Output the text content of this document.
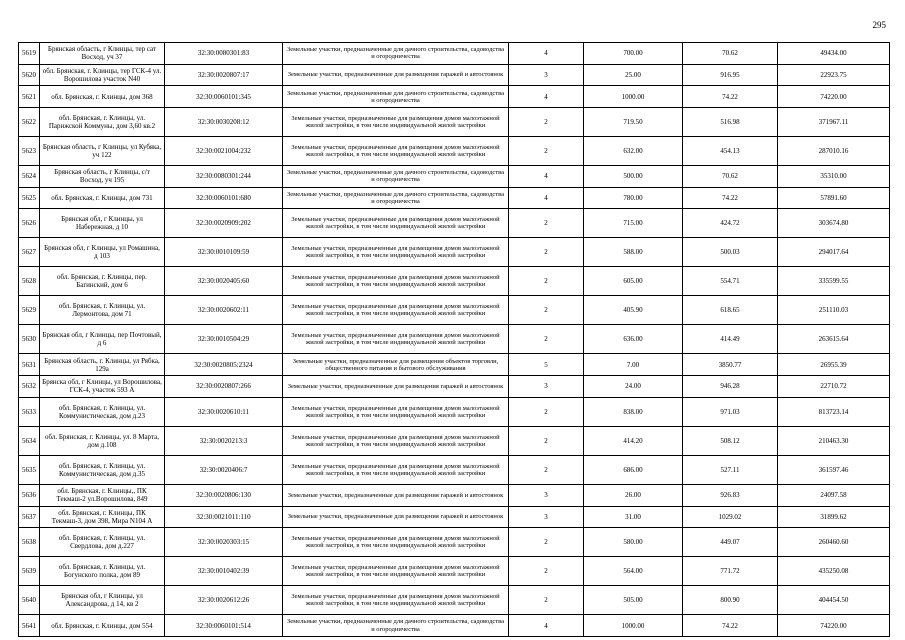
295
5619	Брянская область, г Клинцы, тер сат Восход, уч 37	32:30:0080301:83	Земельные участки, предназначенные для дачного строительства, садоводства и огородничества	4	700.00	70.62	49434.00
5620	обл. Брянская, г. Клинцы, тер ГСК-4 ул. Ворошилова участок N40	32:30:0020807:17	Земельные участки, предназначенные для размещения гаражей и автостоянок	3	25.00	916.95	22923.75
5621	обл. Брянская, г. Клинцы, дом 368	32:30:0060101:345	Земельные участки, предназначенные для дачного строительства, садоводства и огородничества	4	1000.00	74.22	74220.00
5622	обл. Брянская, г. Клинцы, ул. Парижской Коммуны, дом 3,60 кв.2	32:30:0030208:12	Земельные участки, предназначенные для размещения домов малоэтажной жилой застройки, в том числе индивидуальной жилой застройки	2	719.50	516.98	371967.11
5623	Брянская область, г Клинцы, ул Кубяка, уч 122	32:30:0021004:232	Земельные участки, предназначенные для размещения домов малоэтажной жилой застройки, в том числе индивидуальной жилой застройки	2	632.00	454.13	287010.16
5624	Брянская область, г Клинцы, с/т Восход, уч 195	32:30:0080301:244	Земельные участки, предназначенные для дачного строительства, садоводства и огородничества	4	500.00	70.62	35310.00
5625	обл. Брянская, г. Клинцы, дом 731	32:30:0060101:680	Земельные участки, предназначенные для дачного строительства, садоводства и огородничества	4	780.00	74.22	57891.60
5626	Брянская обл, г Клинцы, ул Набережная, д 10	32:30:0020909:202	Земельные участки, предназначенные для размещения домов малоэтажной жилой застройки, в том числе индивидуальной жилой застройки	2	715.00	424.72	303674.80
5627	Брянская обл, г Клинцы, ул Ромашина, д 103	32:30:0010109:59	Земельные участки, предназначенные для размещения домов малоэтажной жилой застройки, в том числе индивидуальной жилой застройки	2	588.00	500.03	294017.64
5628	обл. Брянская, г. Клинцы, пер. Багинский, дом 6	32:30:0020405:60	Земельные участки, предназначенные для размещения домов малоэтажной жилой застройки, в том числе индивидуальной жилой застройки	2	605.00	554.71	335599.55
5629	обл. Брянская, г. Клинцы, ул. Лермонтова, дом 71	32:30:0020602:11	Земельные участки, предназначенные для размещения домов малоэтажной жилой застройки, в том числе индивидуальной жилой застройки	2	405.90	618.65	251110.03
5630	Брянская обл, г Клинцы, пер Почтовый, д 6	32:30:0010504:29	Земельные участки, предназначенные для размещения домов малоэтажной жилой застройки, в том числе индивидуальной жилой застройки	2	636.00	414.49	263615.64
5631	Брянская область, г. Клинцы, ул Рябка, 129а	32:30:0020805:2324	Земельные участки, предназначенные для размещения объектов торговли, общественного питания и бытового обслуживания	5	7.00	3850.77	26955.39
5632	Брянска обл, г Клинцы, ул Ворошилова, ГСК-4, участок 593 А	32:30:0020807:266	Земельные участки, предназначенные для размещения гаражей и автостоянок	3	24.00	946.28	22710.72
5633	обл. Брянская, г. Клинцы, ул. Коммунистическая, дом д.23	32:30:0020610:11	Земельные участки, предназначенные для размещения домов малоэтажной жилой застройки, в том числе индивидуальной жилой застройки	2	838.00	971.03	813723.14
5634	обл. Брянская, г. Клинцы, ул. 8 Марта, дом д.108	32:30:0020213:3	Земельные участки, предназначенные для размещения домов малоэтажной жилой застройки, в том числе индивидуальной жилой застройки	2	414.20	508.12	210463.30
5635	обл. Брянская, г. Клинцы, ул. Коммунистическая, дом д.35	32:30:0020406:7	Земельные участки, предназначенные для размещения домов малоэтажной жилой застройки, в том числе индивидуальной жилой застройки	2	686.00	527.11	361597.46
5636	обл. Брянская, г. Клинцы,, ПК Текмаш-2 ул.Ворошилова, 849	32:30:0020806:130	Земельные участки, предназначенные для размещения гаражей и автостоянок	3	26.00	926.83	24097.58
5637	обл. Брянская, г. Клинцы, ПК Текмаш-3, дом 398, Мира N104 А	32:30:0021011:110	Земельные участки, предназначенные для размещения гаражей и автостоянок	3	31.00	1029.02	31899.62
5638	обл. Брянская, г. Клинцы, ул. Свердлова, дом д.227	32:30:0020303:15	Земельные участки, предназначенные для размещения домов малоэтажной жилой застройки, в том числе индивидуальной жилой застройки	2	580.00	449.07	260460.60
5639	обл. Брянская, г. Клинцы, ул. Богунского полка, дом 89	32:30:0010402:39	Земельные участки, предназначенные для размещения домов малоэтажной жилой застройки, в том числе индивидуальной жилой застройки	2	564.00	771.72	435250.08
5640	Брянская обл, г Клинцы, ул Александрова, д 14, кв 2	32:30:0020612:26	Земельные участки, предназначенные для размещения домов малоэтажной жилой застройки, в том числе индивидуальной жилой застройки	2	505.00	800.90	404454.50
5641	обл. Брянская, г. Клинцы, дом 554	32:30:0060101:514	Земельные участки, предназначенные для дачного строительства, садоводства и огородничества	4	1000.00	74.22	74220.00
